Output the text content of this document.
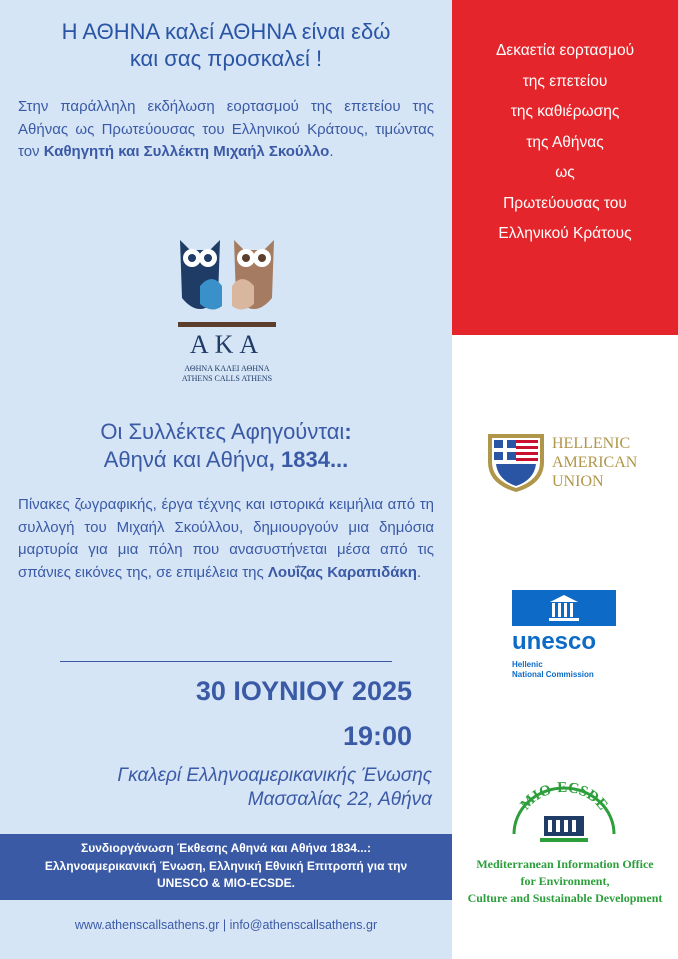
Η ΑΘΗΝΑ καλεί ΑΘΗΝΑ είναι εδώ
και σας προσκαλεί !
Στην παράλληλη εκδήλωση εορτασμού της επετείου της Αθήνας ως Πρωτεύουσας του Ελληνικού Κράτους, τιμώντας τον Καθηγητή και Συλλέκτη Μιχαήλ Σκούλλο.
ΑΚΑ
ΑΘΗΝΑ ΚΑΛΕΙ ΑΘΗΝΑ
ATHENS CALLS ATHENS
Οι Συλλέκτες Αφηγούνται:
Αθηνά και Αθήνα, 1834...
Πίνακες ζωγραφικής, έργα τέχνης και ιστορικά κειμήλια από τη συλλογή του Μιχαήλ Σκούλλου, δημιουργούν μια δημόσια μαρτυρία για μια πόλη που ανασυστήνεται μέσα από τις σπάνιες εικόνες της, σε επιμέλεια της Λουΐζας Καραπιδάκη.
30 ΙΟΥΝΙΟΥ 2025
19:00
Γκαλερί Ελληνοαμερικανικής Ένωσης
Μασσαλίας 22, Αθήνα
Συνδιοργάνωση Έκθεσης Αθηνά και Αθήνα 1834...:
Ελληνοαμερικανική Ένωση, Ελληνική Εθνική Επιτροπή για την
UNESCO & MIO-ECSDE.
www.athenscallsathens.gr | info@athenscallsathens.gr
Δεκαετία εορτασμού
της επετείου
της καθιέρωσης
της Αθήνας
ως
Πρωτεύουσας του
Ελληνικού Κράτους
HELLENIC
AMERICAN
UNION
unesco
Hellenic
National Commission
MIO-ECSDE
Mediterranean Information Office
for Environment,
Culture and Sustainable Development
